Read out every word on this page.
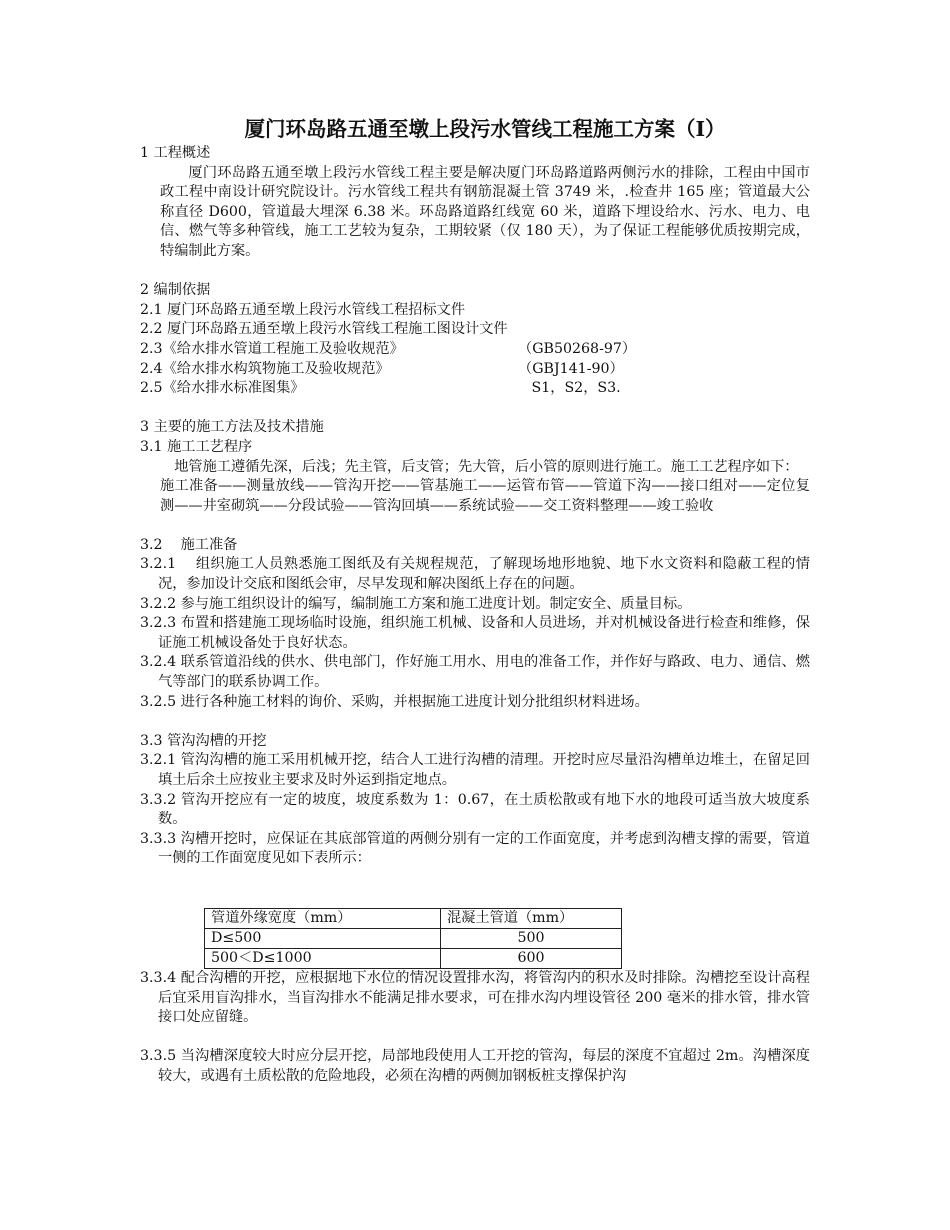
厦门环岛路五通至墩上段污水管线工程施工方案（I）

1 工程概述

厦门环岛路五通至墩上段污水管线工程主要是解决厦门环岛路道路两侧污水的排除，工程由中国市政工程中南设计研究院设计。污水管线工程共有钢筋混凝土管 3749 米，.检查井 165 座；管道最大公称直径 D600，管道最大埋深 6.38 米。环岛路道路红线宽 60 米，道路下埋设给水、污水、电力、电信、燃气等多种管线，施工工艺较为复杂，工期较紧（仅 180 天），为了保证工程能够优质按期完成，特编制此方案。

2 编制依据

2.1 厦门环岛路五通至墩上段污水管线工程招标文件
2.2 厦门环岛路五通至墩上段污水管线工程施工图设计文件
2.3《给水排水管道工程施工及验收规范》	（GB50268-97）
2.4《给水排水构筑物施工及验收规范》	（GBJ141-90）
2.5《给水排水标准图集》	S1，S2，S3.

3 主要的施工方法及技术措施

3.1 施工工艺程序

地管施工遵循先深，后浅；先主管，后支管；先大管，后小管的原则进行施工。施工工艺程序如下：

施工准备——测量放线——管沟开挖——管基施工——运管布管——管道下沟——接口组对——定位复测——井室砌筑——分段试验——管沟回填——系统试验——交工资料整理——竣工验收

3.2    施工准备

3.2.1    组织施工人员熟悉施工图纸及有关规程规范，了解现场地形地貌、地下水文资料和隐蔽工程的情况，参加设计交底和图纸会审，尽早发现和解决图纸上存在的问题。

3.2.2 参与施工组织设计的编写，编制施工方案和施工进度计划。制定安全、质量目标。

3.2.3 布置和搭建施工现场临时设施，组织施工机械、设备和人员进场，并对机械设备进行检查和维修，保证施工机械设备处于良好状态。

3.2.4 联系管道沿线的供水、供电部门，作好施工用水、用电的准备工作，并作好与路政、电力、通信、燃气等部门的联系协调工作。

3.2.5 进行各种施工材料的询价、采购，并根据施工进度计划分批组织材料进场。

3.3 管沟沟槽的开挖

3.2.1 管沟沟槽的施工采用机械开挖，结合人工进行沟槽的清理。开挖时应尽量沿沟槽单边堆土，在留足回填土后余土应按业主要求及时外运到指定地点。

3.3.2 管沟开挖应有一定的坡度，坡度系数为 1：0.67，在土质松散或有地下水的地段可适当放大坡度系数。

3.3.3 沟槽开挖时，应保证在其底部管道的两侧分别有一定的工作面宽度，并考虑到沟槽支撑的需要，管道一侧的工作面宽度见如下表所示：

管道外缘宽度（mm）	混凝土管道（mm）
D≤500	500
500＜D≤1000	600

3.3.4 配合沟槽的开挖，应根据地下水位的情况设置排水沟，将管沟内的积水及时排除。沟槽挖至设计高程后宜采用盲沟排水，当盲沟排水不能满足排水要求，可在排水沟内埋设管径 200 毫米的排水管，排水管接口处应留缝。

3.3.5 当沟槽深度较大时应分层开挖，局部地段使用人工开挖的管沟，每层的深度不宜超过 2m。沟槽深度较大，或遇有土质松散的危险地段，必须在沟槽的两侧加钢板桩支撑保护沟
